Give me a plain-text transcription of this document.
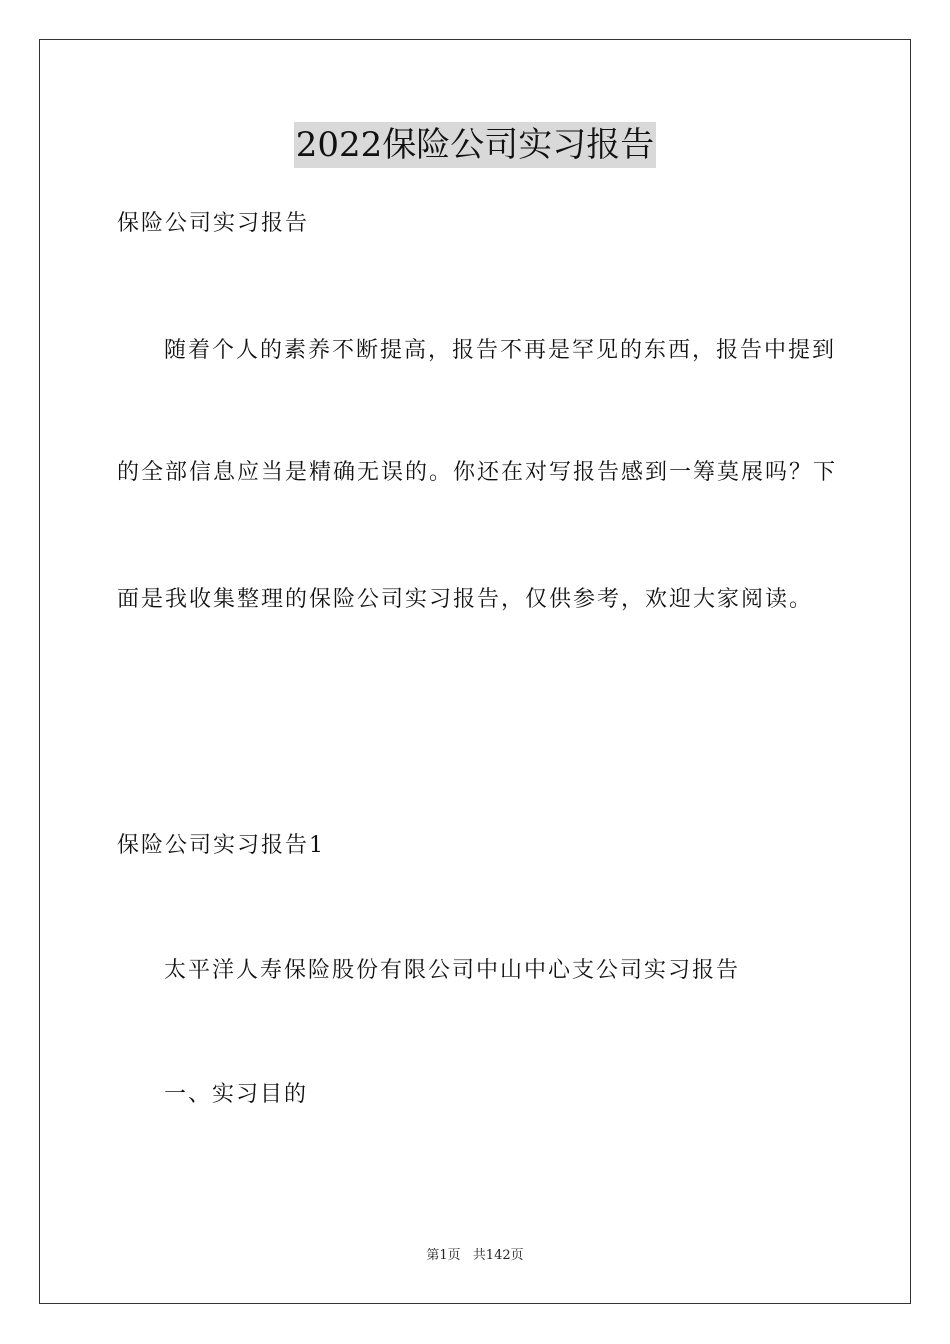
2022保险公司实习报告

保险公司实习报告

随着个人的素养不断提高，报告不再是罕见的东西，报告中提到

的全部信息应当是精确无误的。你还在对写报告感到一筹莫展吗？下

面是我收集整理的保险公司实习报告，仅供参考，欢迎大家阅读。

保险公司实习报告1

太平洋人寿保险股份有限公司中山中心支公司实习报告

一、实习目的

第1页 共142页
